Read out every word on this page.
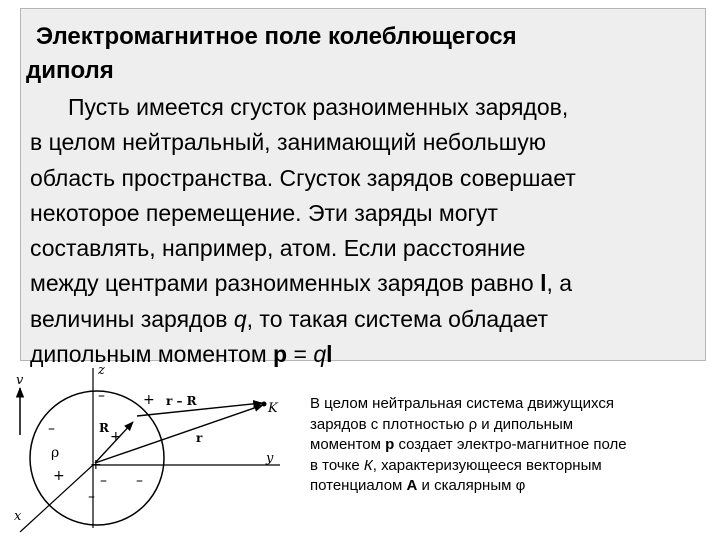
Электромагнитное поле колеблющегося
диполя

Пусть имеется сгусток разноименных зарядов,
в целом нейтральный, занимающий небольшую
область пространства. Сгусток зарядов совершает
некоторое перемещение. Эти заряды могут
составлять, например, атом. Если расстояние
между центрами разноименных зарядов равно l, а
величины зарядов q, то такая система обладает
дипольным моментом p = ql

v
z
y
x
R
r
r – R	K
ρ
+
+
+
+
–
–
– –
–

В целом нейтральная система движущихся
зарядов с плотностью ρ и дипольным
моментом p создает электро-магнитное поле
в точке К, характеризующееся векторным
потенциалом A и скалярным φ
